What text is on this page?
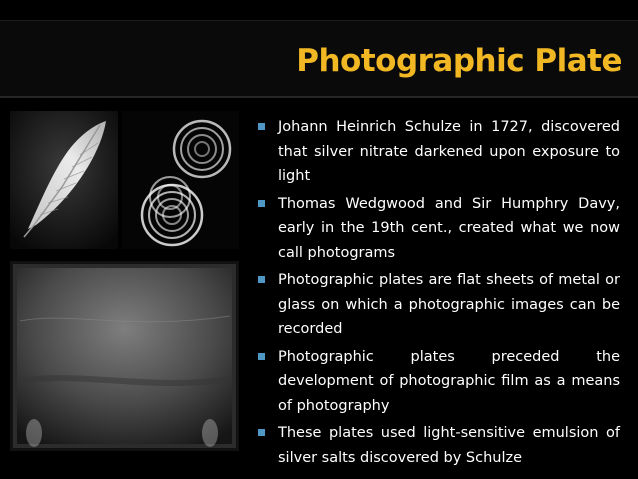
Photographic Plate
Johann Heinrich Schulze in 1727, discovered that silver nitrate darkened upon exposure to light
Thomas Wedgwood and Sir Humphry Davy, early in the 19th cent., created what we now call photograms
Photographic plates are flat sheets of metal or glass on which a photographic images can be recorded
Photographic plates preceded the development of photographic film as a means of photography
These plates used light-sensitive emulsion of silver salts discovered by Schulze
